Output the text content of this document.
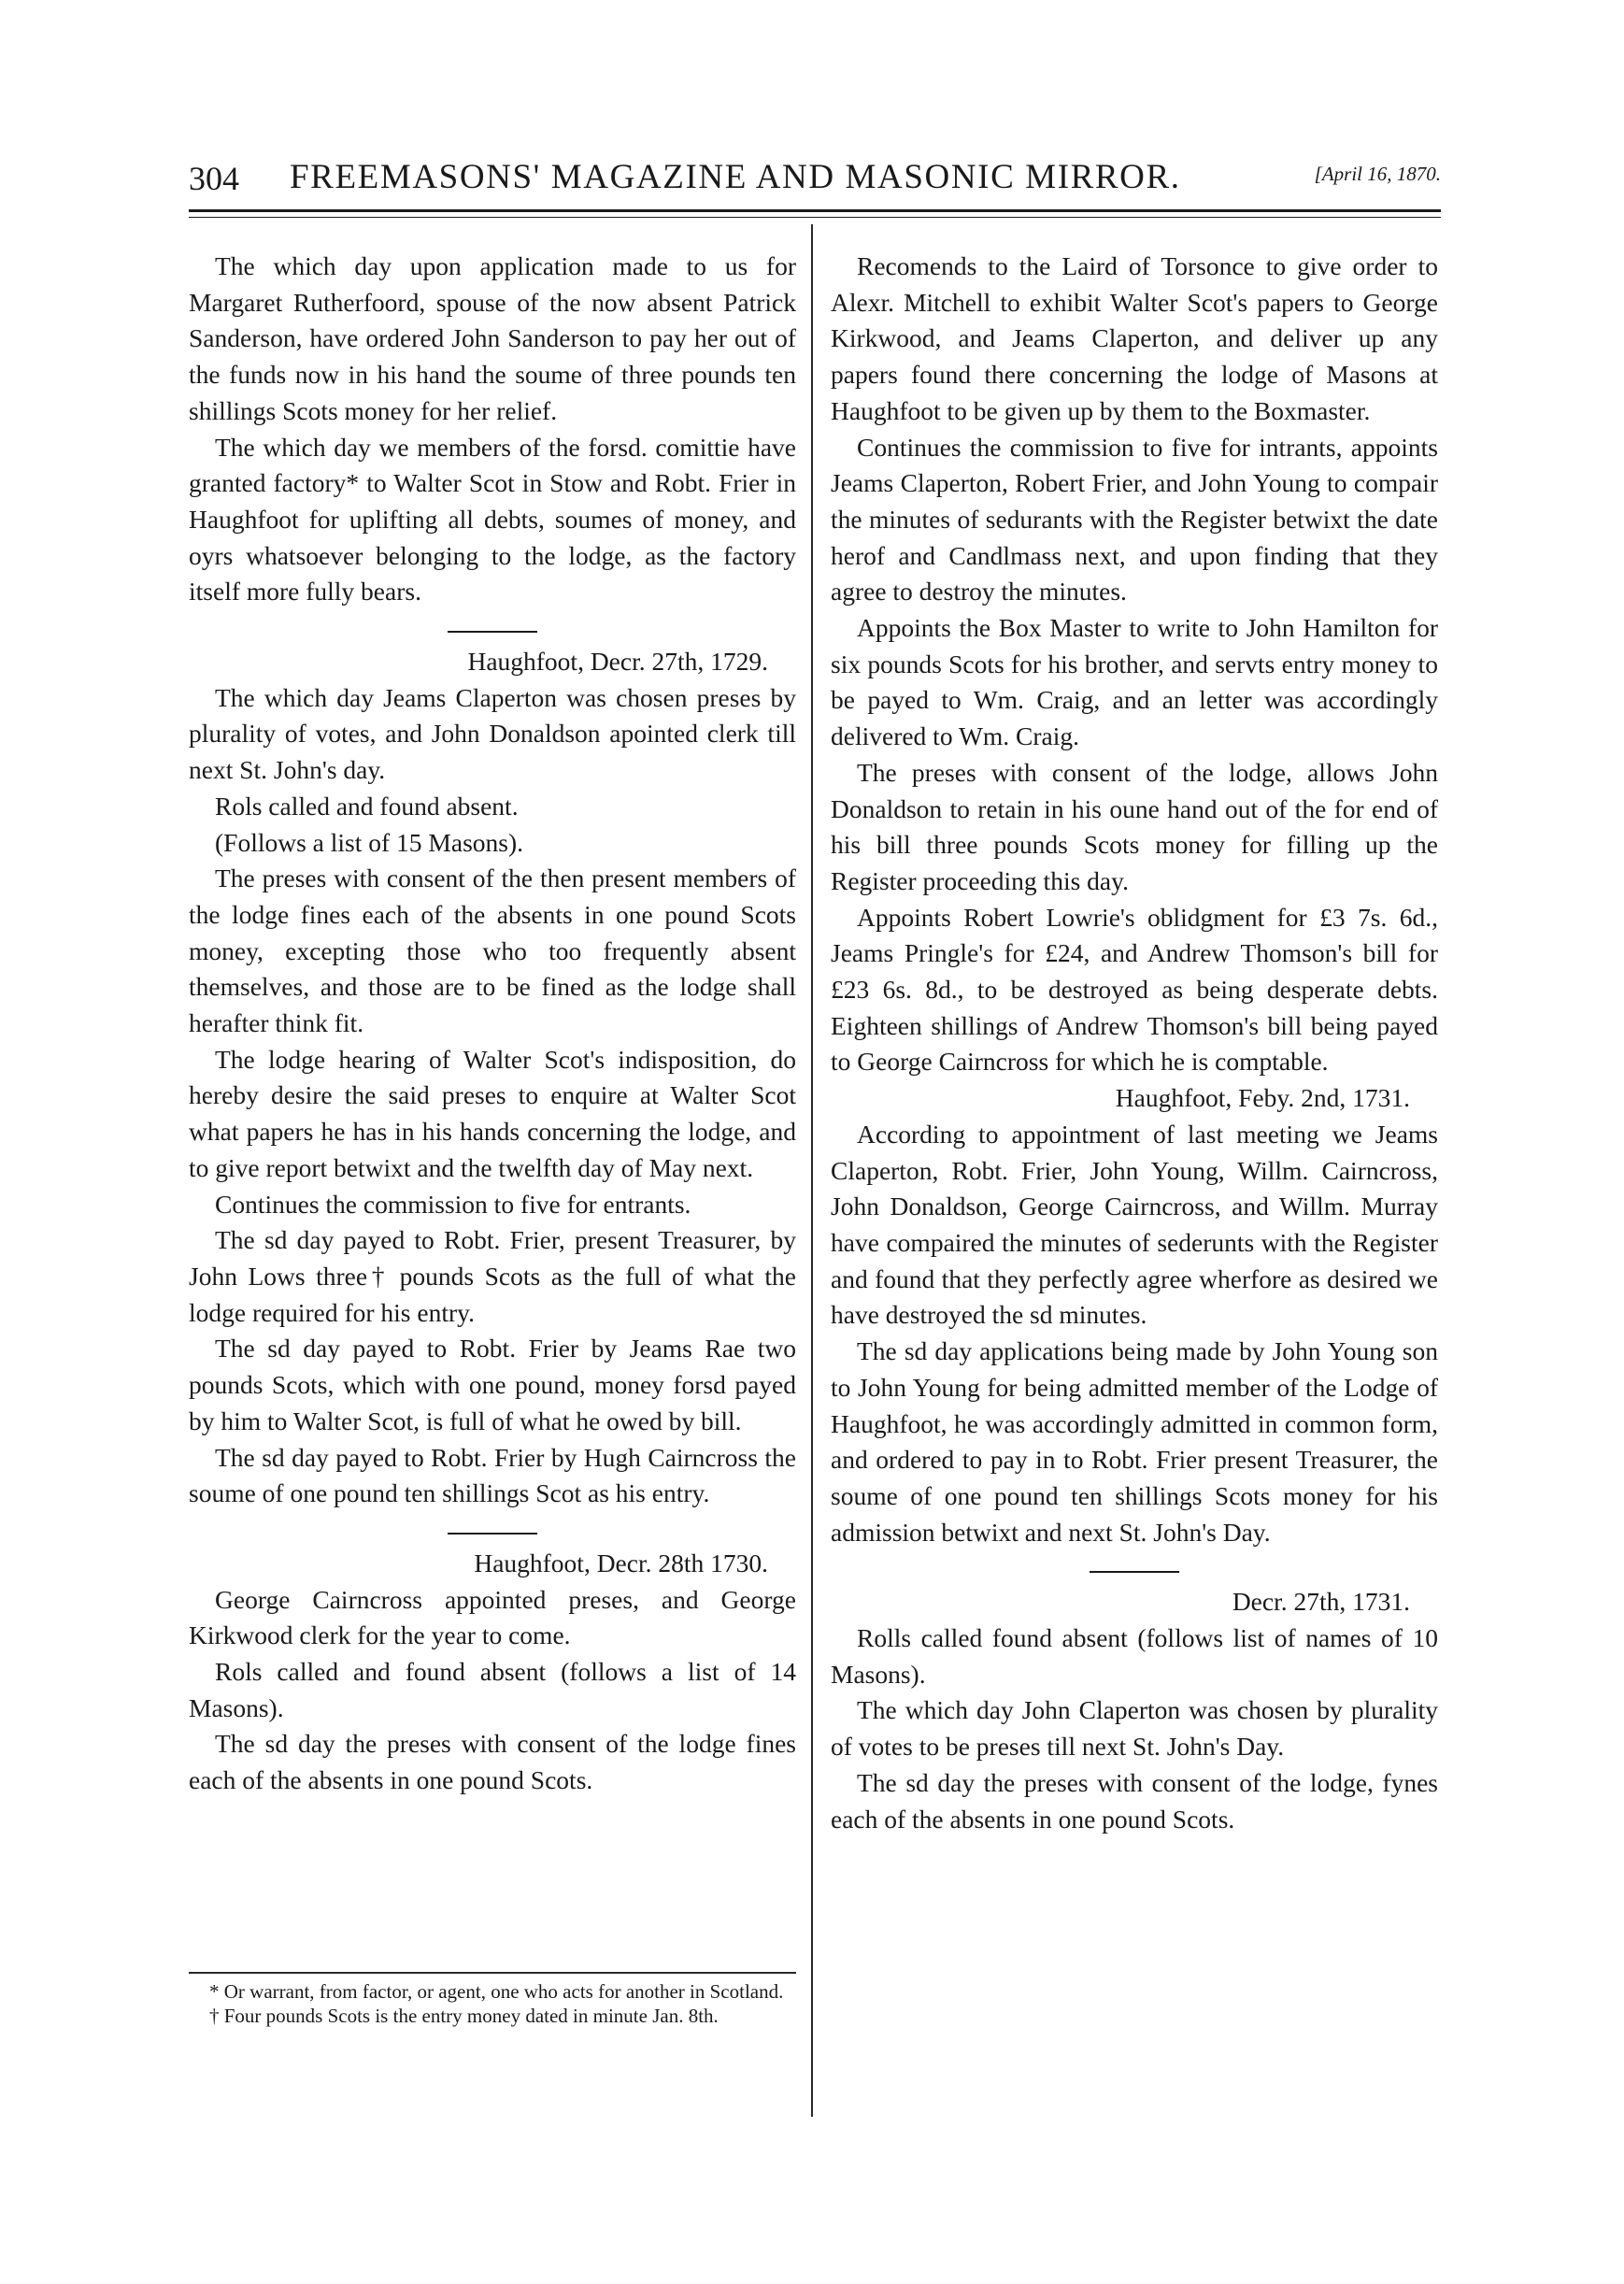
304 FREEMASONS' MAGAZINE AND MASONIC MIRROR.	[April 16, 1870.

The which day upon application made to us for Margaret Rutherfoord, spouse of the now absent Patrick Sanderson, have ordered John Sanderson to pay her out of the funds now in his hand the soume of three pounds ten shillings Scots money for her relief.

The which day we members of the forsd. comittie have granted factory* to Walter Scot in Stow and Robt. Frier in Haughfoot for uplifting all debts, soumes of money, and oyrs whatsoever belonging to the lodge, as the factory itself more fully bears.

Haughfoot, Decr. 27th, 1729.

The which day Jeams Claperton was chosen preses by plurality of votes, and John Donaldson apointed clerk till next St. John's day.

Rols called and found absent.

(Follows a list of 15 Masons).

The preses with consent of the then present members of the lodge fines each of the absents in one pound Scots money, excepting those who too frequently absent themselves, and those are to be fined as the lodge shall herafter think fit.

The lodge hearing of Walter Scot's indisposition, do hereby desire the said preses to enquire at Walter Scot what papers he has in his hands concerning the lodge, and to give report betwixt and the twelfth day of May next.

Continues the commission to five for entrants.

The sd day payed to Robt. Frier, present Treasurer, by John Lows three† pounds Scots as the full of what the lodge required for his entry.

The sd day payed to Robt. Frier by Jeams Rae two pounds Scots, which with one pound, money forsd payed by him to Walter Scot, is full of what he owed by bill.

The sd day payed to Robt. Frier by Hugh Cairncross the soume of one pound ten shillings Scot as his entry.

Haughfoot, Decr. 28th 1730.

George Cairncross appointed preses, and George Kirkwood clerk for the year to come.

Rols called and found absent (follows a list of 14 Masons).

The sd day the preses with consent of the lodge fines each of the absents in one pound Scots.

* Or warrant, from factor, or agent, one who acts for another in Scotland.

† Four pounds Scots is the entry money dated in minute Jan. 8th.

Recomends to the Laird of Torsonce to give order to Alexr. Mitchell to exhibit Walter Scot's papers to George Kirkwood, and Jeams Claperton, and deliver up any papers found there concerning the lodge of Masons at Haughfoot to be given up by them to the Boxmaster.

Continues the commission to five for intrants, appoints Jeams Claperton, Robert Frier, and John Young to compair the minutes of sedurants with the Register betwixt the date herof and Candlmass next, and upon finding that they agree to destroy the minutes.

Appoints the Box Master to write to John Hamilton for six pounds Scots for his brother, and servts entry money to be payed to Wm. Craig, and an letter was accordingly delivered to Wm. Craig.

The preses with consent of the lodge, allows John Donaldson to retain in his oune hand out of the for end of his bill three pounds Scots money for filling up the Register proceeding this day.

Appoints Robert Lowrie's oblidgment for £3 7s. 6d., Jeams Pringle's for £24, and Andrew Thomson's bill for £23 6s. 8d., to be destroyed as being desperate debts. Eighteen shillings of Andrew Thomson's bill being payed to George Cairncross for which he is comptable.

Haughfoot, Feby. 2nd, 1731.

According to appointment of last meeting we Jeams Claperton, Robt. Frier, John Young, Willm. Cairncross, John Donaldson, George Cairncross, and Willm. Murray have compaired the minutes of sederunts with the Register and found that they perfectly agree wherfore as desired we have destroyed the sd minutes.

The sd day applications being made by John Young son to John Young for being admitted member of the Lodge of Haughfoot, he was accordingly admitted in common form, and ordered to pay in to Robt. Frier present Treasurer, the soume of one pound ten shillings Scots money for his admission betwixt and next St. John's Day.

Decr. 27th, 1731.

Rolls called found absent (follows list of names of 10 Masons).

The which day John Claperton was chosen by plurality of votes to be preses till next St. John's Day.

The sd day the preses with consent of the lodge, fynes each of the absents in one pound Scots.
